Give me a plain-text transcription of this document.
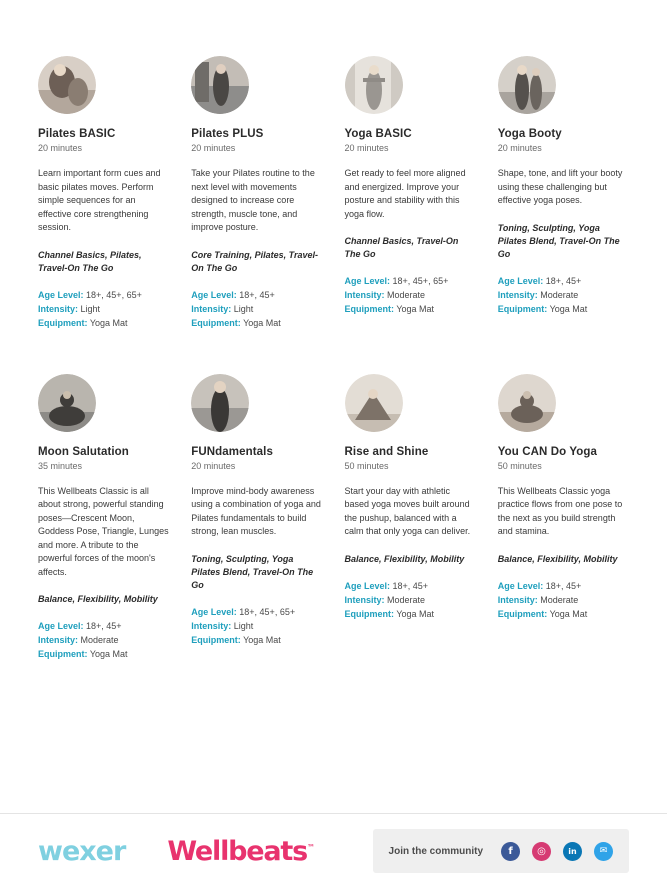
Pilates BASIC
20 minutes
Learn important form cues and basic pilates moves. Perform simple sequences for an effective core strengthening session.
Channel Basics, Pilates, Travel-On The Go
Age Level: 18+, 45+, 65+
Intensity: Light
Equipment: Yoga Mat
Pilates PLUS
20 minutes
Take your Pilates routine to the next level with movements designed to increase core strength, muscle tone, and improve posture.
Core Training, Pilates, Travel-On The Go
Age Level: 18+, 45+
Intensity: Light
Equipment: Yoga Mat
Yoga BASIC
20 minutes
Get ready to feel more aligned and energized. Improve your posture and stability with this yoga flow.
Channel Basics, Travel-On The Go
Age Level: 18+, 45+, 65+
Intensity: Moderate
Equipment: Yoga Mat
Yoga Booty
20 minutes
Shape, tone, and lift your booty using these challenging but effective yoga poses.
Toning, Sculpting, Yoga Pilates Blend, Travel-On The Go
Age Level: 18+, 45+
Intensity: Moderate
Equipment: Yoga Mat
Moon Salutation
35 minutes
This Wellbeats Classic is all about strong, powerful standing poses—Crescent Moon, Goddess Pose, Triangle, Lunges and more. A tribute to the powerful forces of the moon's affects.
Balance, Flexibility, Mobility
Age Level: 18+, 45+
Intensity: Moderate
Equipment: Yoga Mat
FUNdamentals
20 minutes
Improve mind-body awareness using a combination of yoga and Pilates fundamentals to build strong, lean muscles.
Toning, Sculpting, Yoga Pilates Blend, Travel-On The Go
Age Level: 18+, 45+, 65+
Intensity: Light
Equipment: Yoga Mat
Rise and Shine
50 minutes
Start your day with athletic based yoga moves built around the pushup, balanced with a calm that only yoga can deliver.
Balance, Flexibility, Mobility
Age Level: 18+, 45+
Intensity: Moderate
Equipment: Yoga Mat
You CAN Do Yoga
50 minutes
This Wellbeats Classic yoga practice flows from one pose to the next as you build strength and stamina.
Balance, Flexibility, Mobility
Age Level: 18+, 45+
Intensity: Moderate
Equipment: Yoga Mat
wexer Wellbeats™	Join the community	f	◎	in	✉
